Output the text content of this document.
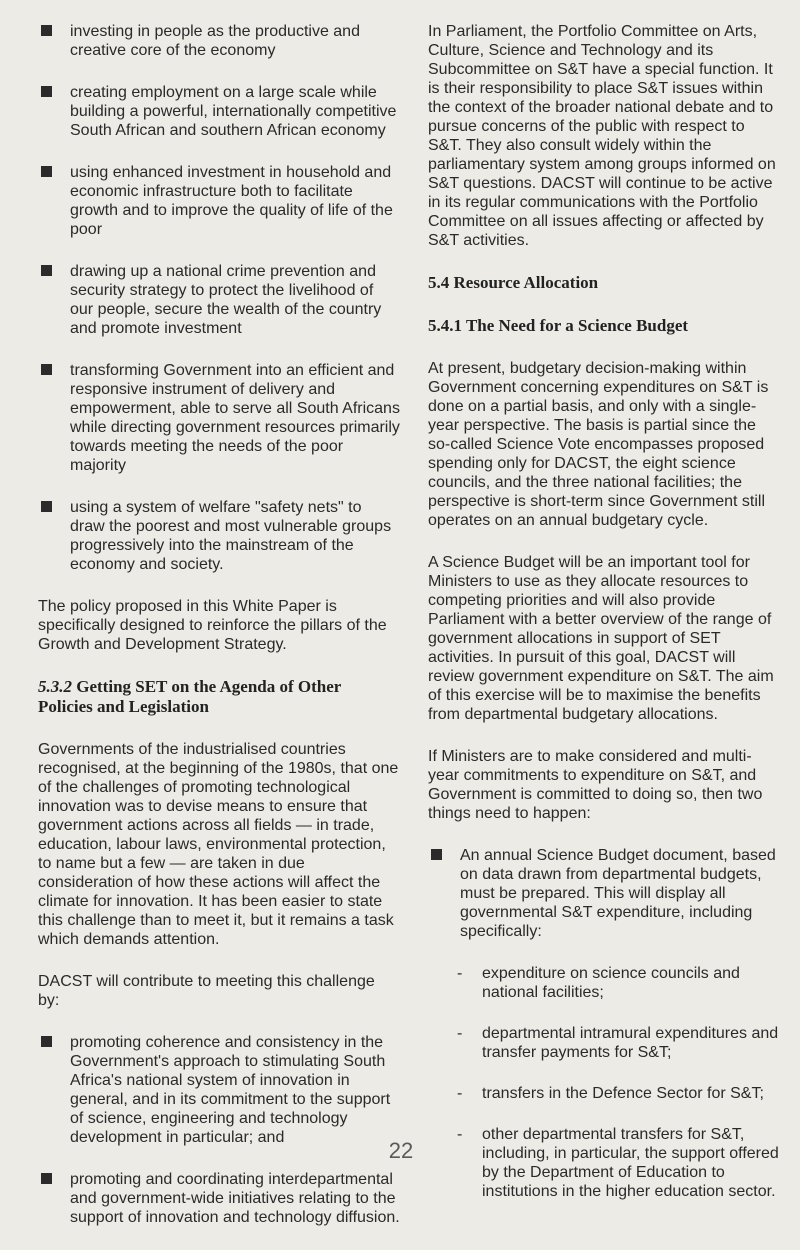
investing in people as the productive and creative core of the economy
creating employment on a large scale while building a powerful, internationally competitive South African and southern African economy
using enhanced investment in household and economic infrastructure both to facilitate growth and to improve the quality of life of the poor
drawing up a national crime prevention and security strategy to protect the livelihood of our people, secure the wealth of the country and promote investment
transforming Government into an efficient and responsive instrument of delivery and empowerment, able to serve all South Africans while directing government resources primarily towards meeting the needs of the poor majority
using a system of welfare "safety nets" to draw the poorest and most vulnerable groups progressively into the mainstream of the economy and society.

The policy proposed in this White Paper is specifically designed to reinforce the pillars of the Growth and Development Strategy.

5.3.2 Getting SET on the Agenda of Other Policies and Legislation

Governments of the industrialised countries recognised, at the beginning of the 1980s, that one of the challenges of promoting technological innovation was to devise means to ensure that government actions across all fields — in trade, education, labour laws, environmental protection, to name but a few — are taken in due consideration of how these actions will affect the climate for innovation. It has been easier to state this challenge than to meet it, but it remains a task which demands attention.

DACST will contribute to meeting this challenge by:

promoting coherence and consistency in the Government's approach to stimulating South Africa's national system of innovation in general, and in its commitment to the support of science, engineering and technology development in particular; and
promoting and coordinating interdepartmental and government-wide initiatives relating to the support of innovation and technology diffusion.

In Parliament, the Portfolio Committee on Arts, Culture, Science and Technology and its Subcommittee on S&T have a special function. It is their responsibility to place S&T issues within the context of the broader national debate and to pursue concerns of the public with respect to S&T. They also consult widely within the parliamentary system among groups informed on S&T questions. DACST will continue to be active in its regular communications with the Portfolio Committee on all issues affecting or affected by S&T activities.

5.4 Resource Allocation
5.4.1 The Need for a Science Budget

At present, budgetary decision-making within Government concerning expenditures on S&T is done on a partial basis, and only with a single-year perspective. The basis is partial since the so-called Science Vote encompasses proposed spending only for DACST, the eight science councils, and the three national facilities; the perspective is short-term since Government still operates on an annual budgetary cycle.

A Science Budget will be an important tool for Ministers to use as they allocate resources to competing priorities and will also provide Parliament with a better overview of the range of government allocations in support of SET activities. In pursuit of this goal, DACST will review government expenditure on S&T. The aim of this exercise will be to maximise the benefits from departmental budgetary allocations.

If Ministers are to make considered and multi-year commitments to expenditure on S&T, and Government is committed to doing so, then two things need to happen:

An annual Science Budget document, based on data drawn from departmental budgets, must be prepared. This will display all governmental S&T expenditure, including specifically:
- expenditure on science councils and national facilities;
- departmental intramural expenditures and transfer payments for S&T;
- transfers in the Defence Sector for S&T;
- other departmental transfers for S&T, including, in particular, the support offered by the Department of Education to institutions in the higher education sector.
22
